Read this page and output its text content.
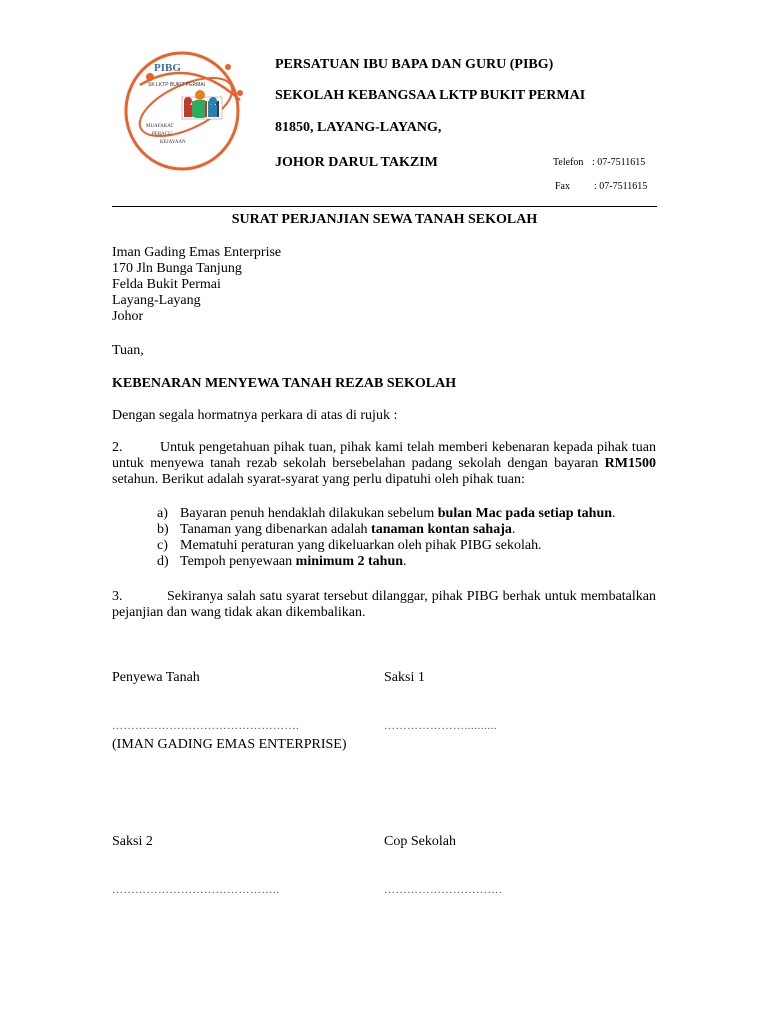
PIBG
SK LKTP BUKIT PERMAI
MUAFAKAT
PERACU
KEJAYAAN
PERSATUAN IBU BAPA DAN GURU (PIBG)
SEKOLAH KEBANGSAA LKTP BUKIT PERMAI
81850, LAYANG-LAYANG,
JOHOR DARUL TAKZIM	Telefon : 07-7511615
Fax : 07-7511615
SURAT PERJANJIAN SEWA TANAH SEKOLAH
Iman Gading Emas Enterprise
170 Jln Bunga Tanjung
Felda Bukit Permai
Layang-Layang
Johor
Tuan,
KEBENARAN MENYEWA TANAH REZAB SEKOLAH
Dengan segala hormatnya perkara di atas di rujuk :
2.	Untuk pengetahuan pihak tuan, pihak kami telah memberi kebenaran kepada pihak tuan untuk menyewa tanah rezab sekolah bersebelahan padang sekolah dengan bayaran RM1500 setahun. Berikut adalah syarat-syarat yang perlu dipatuhi oleh pihak tuan:
a) Bayaran penuh hendaklah dilakukan sebelum bulan Mac pada setiap tahun.
b) Tanaman yang dibenarkan adalah tanaman kontan sahaja.
c) Mematuhi peraturan yang dikeluarkan oleh pihak PIBG sekolah.
d) Tempoh penyewaan minimum 2 tahun.
3.	Sekiranya salah satu syarat tersebut dilanggar, pihak PIBG berhak untuk membatalkan pejanjian dan wang tidak akan dikembalikan.
Penyewa Tanah	Saksi 1
………………………………………….	…………………..........
(IMAN GADING EMAS ENTERPRISE)
Saksi 2	Cop Sekolah
……………………………………..	………………………….
